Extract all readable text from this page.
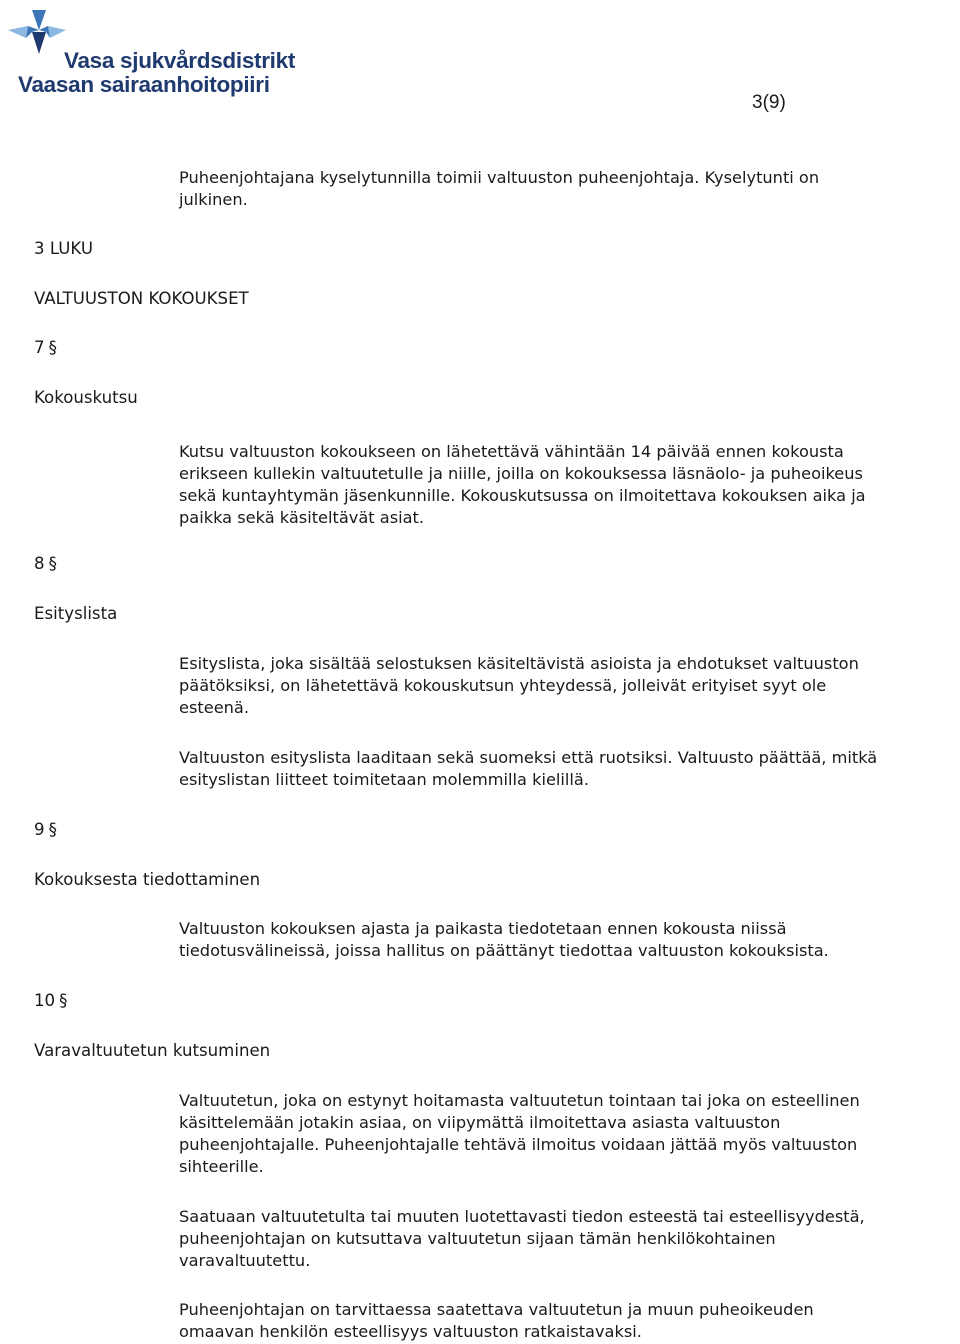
Vasa sjukvårdsdistrikt
Vaasan sairaanhoitopiiri
3(9)
Puheenjohtajana kyselytunnilla toimii valtuuston puheenjohtaja. Kyselytunti on
julkinen.
3 LUKU
VALTUUSTON KOKOUKSET
7 §
Kokouskutsu
Kutsu valtuuston kokoukseen on lähetettävä vähintään 14 päivää ennen kokousta
erikseen kullekin valtuutetulle ja niille, joilla on kokouksessa läsnäolo- ja puheoikeus
sekä kuntayhtymän jäsenkunnille. Kokouskutsussa on ilmoitettava kokouksen aika ja
paikka sekä käsiteltävät asiat.
8 §
Esityslista
Esityslista, joka sisältää selostuksen käsiteltävistä asioista ja ehdotukset valtuuston
päätöksiksi, on lähetettävä kokouskutsun yhteydessä, jolleivät erityiset syyt ole
esteenä.
Valtuuston esityslista laaditaan sekä suomeksi että ruotsiksi. Valtuusto päättää, mitkä
esityslistan liitteet toimitetaan molemmilla kielillä.
9 §
Kokouksesta tiedottaminen
Valtuuston kokouksen ajasta ja paikasta tiedotetaan ennen kokousta niissä
tiedotusvälineissä, joissa hallitus on päättänyt tiedottaa valtuuston kokouksista.
10 §
Varavaltuutetun kutsuminen
Valtuutetun, joka on estynyt hoitamasta valtuutetun tointaan tai joka on esteellinen
käsittelemään jotakin asiaa, on viipymättä ilmoitettava asiasta valtuuston
puheenjohtajalle. Puheenjohtajalle tehtävä ilmoitus voidaan jättää myös valtuuston
sihteerille.
Saatuaan valtuutetulta tai muuten luotettavasti tiedon esteestä tai esteellisyydestä,
puheenjohtajan on kutsuttava valtuutetun sijaan tämän henkilökohtainen
varavaltuutettu.
Puheenjohtajan on tarvittaessa saatettava valtuutetun ja muun puheoikeuden
omaavan henkilön esteellisyys valtuuston ratkaistavaksi.
